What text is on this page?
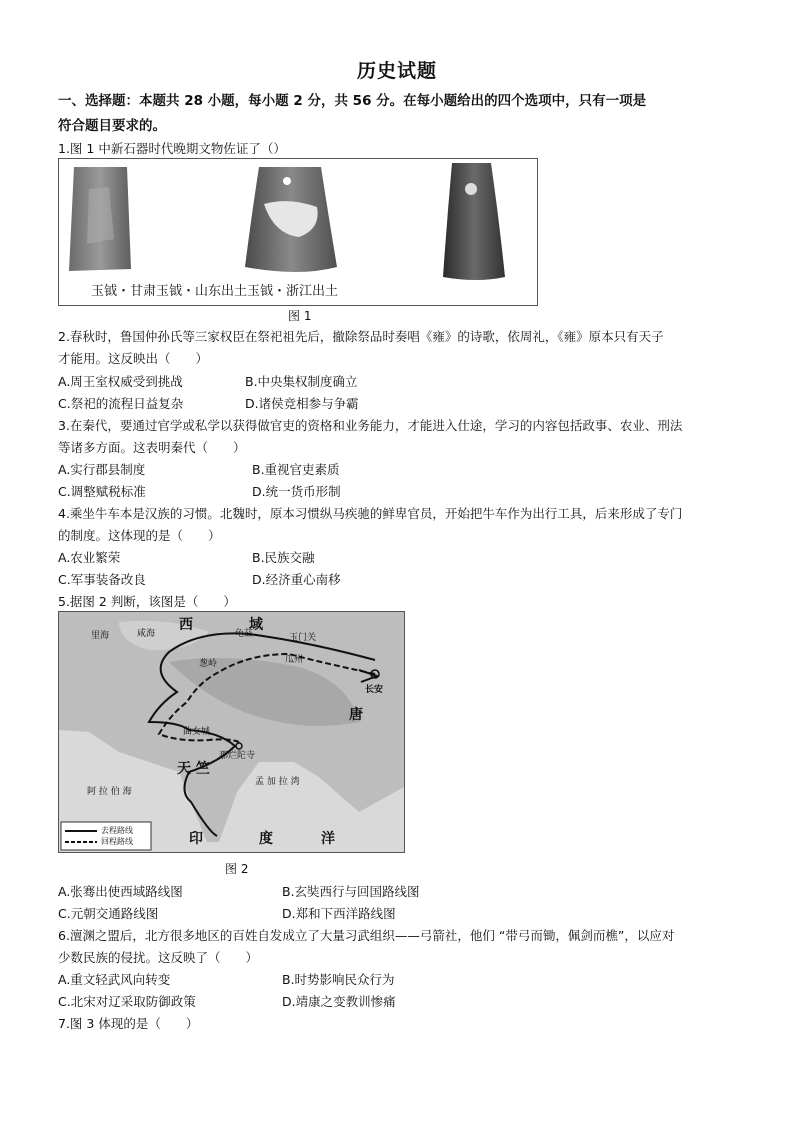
历史试题
一、选择题：本题共 28 小题，每小题 2 分，共 56 分。在每小题给出的四个选项中，只有一项是
符合题目要求的。
1.图 1 中新石器时代晚期文物佐证了（）
玉钺・甘肃玉钺・山东出土玉钺・浙江出土
图 1
2.春秋时，鲁国仲孙氏等三家权臣在祭祀祖先后，撤除祭品时奏唱《雍》的诗歌，依周礼，《雍》原本只有天子
才能用。这反映出（　　）
A.周王室权威受到挑战	B.中央集权制度确立
C.祭祀的流程日益复杂	D.诸侯竞相参与争霸
3.在秦代，要通过官学或私学以获得做官吏的资格和业务能力，才能进入仕途，学习的内容包括政事、农业、刑法
等诸多方面。这表明秦代（　　）
A.实行郡县制度	B.重视官吏素质
C.调整赋税标准	D.统一货币形制
4.乘坐牛车本是汉族的习惯。北魏时，原本习惯纵马疾驰的鲜卑官员，开始把牛车作为出行工具，后来形成了专门
的制度。这体现的是（　　）
A.农业繁荣	B.民族交融
C.军事装备改良	D.经济重心南移
5.据图 2 判断，该图是（　　）
西	域
唐
天 竺
印	度	洋
长安
玉门关
瓜州
龟兹
咸海
里海
葱岭
那烂陀寺
曲女城
阿 拉 伯 海
孟 加 拉 湾
去程路线
回程路线
图 2
A.张骞出使西域路线图	B.玄奘西行与回国路线图
C.元朝交通路线图	D.郑和下西洋路线图
6.澶渊之盟后，北方很多地区的百姓自发成立了大量习武组织——弓箭社，他们 “带弓而锄，佩剑而樵”，以应对
少数民族的侵扰。这反映了（　　）
A.重文轻武风向转变	B.时势影响民众行为
C.北宋对辽采取防御政策	D.靖康之变教训惨痛
7.图 3 体现的是（　　）
